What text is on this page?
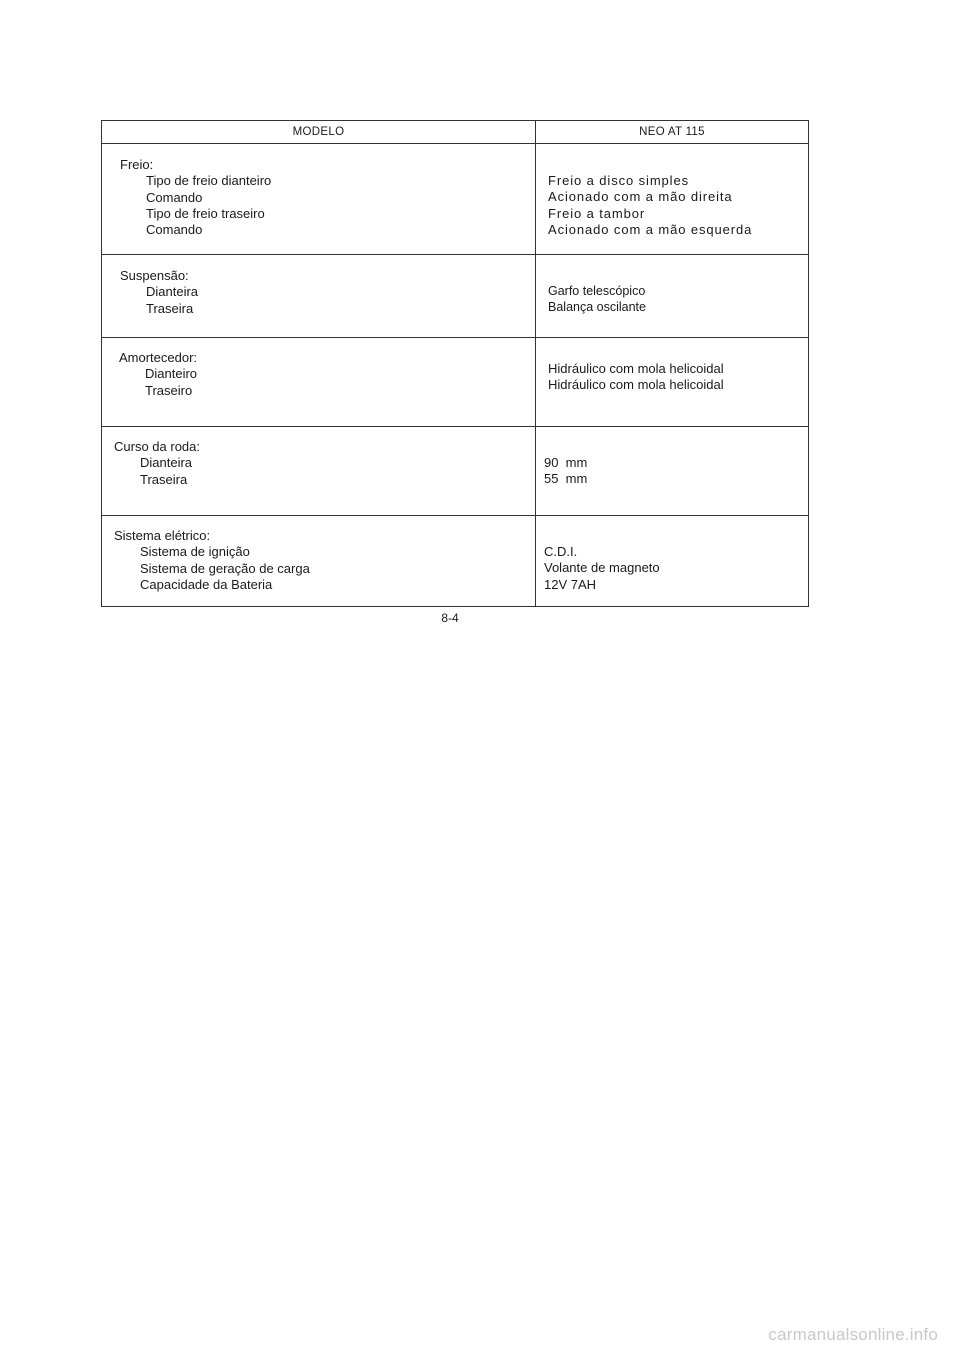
MODELO	NEO AT 115
Freio:
Tipo de freio dianteiro
Comando
Tipo de freio traseiro
Comando
Freio a disco simples
Acionado com a mão direita
Freio a tambor
Acionado com a mão esquerda
Suspensão:
Dianteira
Traseira
Garfo telescópico
Balança oscilante
Amortecedor:
Dianteiro
Traseiro
Hidráulico com mola helicoidal
Hidráulico com mola helicoidal
Curso da roda:
Dianteira
Traseira
90  mm
55  mm
Sistema elétrico:
Sistema de ignição
Sistema de geração de carga
Capacidade da Bateria
C.D.I.
Volante de magneto
12V 7AH
8-4
carmanualsonline.info
